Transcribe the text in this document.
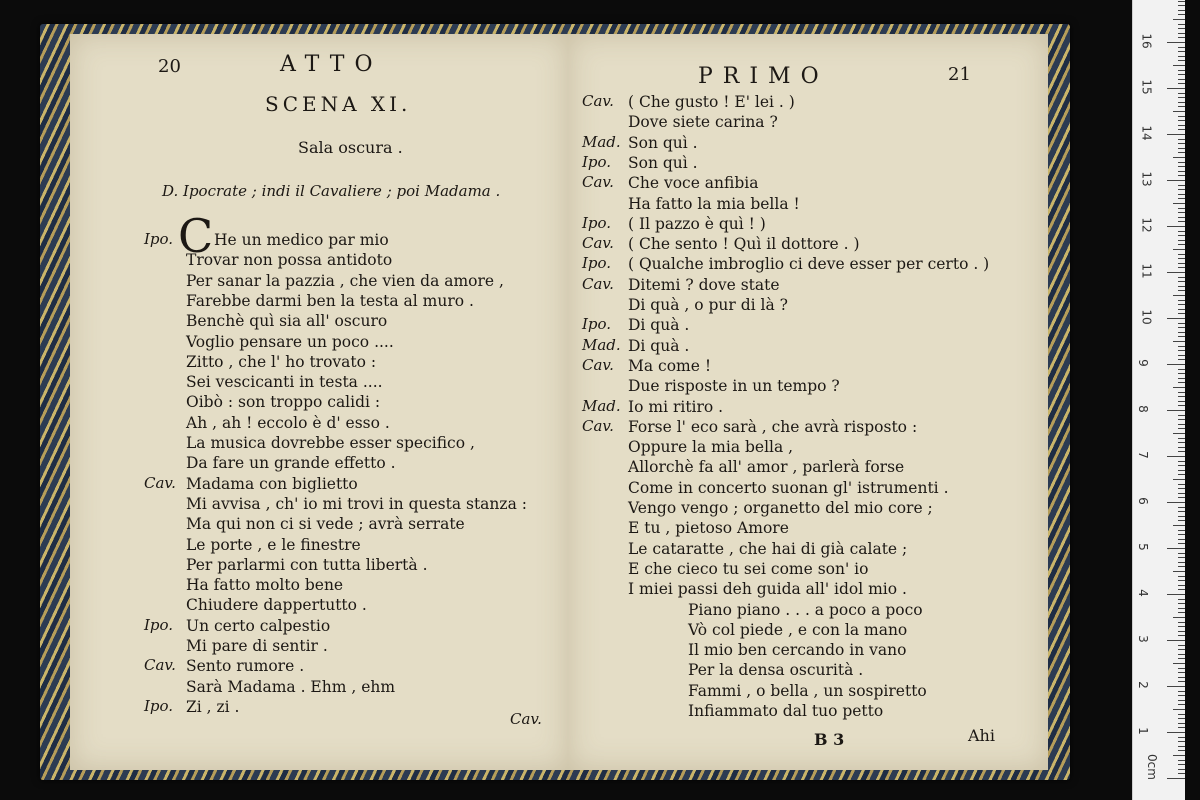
20	ATTO
SCENA XI.
Sala oscura .
D. Ipocrate ; indi il Cavaliere ; poi Madama .
Ipo. C He un medico par mio
Trovar non possa antidoto
Per sanar la pazzia , che vien da amore ,
Farebbe darmi ben la testa al muro .
Benchè quì sia all' oscuro
Voglio pensare un poco ....
Zitto , che l' ho trovato :
Sei vescicanti in testa ....
Oibò : son troppo calidi :
Ah , ah ! eccolo è d' esso .
La musica dovrebbe esser specifico ,
Da fare un grande effetto .
Cav. Madama con biglietto
Mi avvisa , ch' io mi trovi in questa stanza :
Ma qui non ci si vede ; avrà serrate
Le porte , e le finestre
Per parlarmi con tutta libertà .
Ha fatto molto bene
Chiudere dappertutto .
Ipo. Un certo calpestio
Mi pare di sentir .
Cav. Sento rumore .
Sarà Madama . Ehm , ehm
Ipo. Zi , zi .
Cav.
PRIMO	21
Cav. ( Che gusto ! E' lei . )
Dove siete carina ?
Mad. Son quì .
Ipo. Son quì .
Cav. Che voce anfibia
Ha fatto la mia bella !
Ipo. ( Il pazzo è quì ! )
Cav. ( Che sento ! Quì il dottore . )
Ipo. ( Qualche imbroglio ci deve esser per certo . )
Cav. Ditemi ? dove state
Di quà , o pur di là ?
Ipo. Di quà .
Mad. Di quà .
Cav. Ma come !
Due risposte in un tempo ?
Mad. Io mi ritiro .
Cav. Forse l' eco sarà , che avrà risposto :
Oppure la mia bella ,
Allorchè fa all' amor , parlerà forse
Come in concerto suonan gl' istrumenti .
Vengo vengo ; organetto del mio core ;
E tu , pietoso Amore
Le cataratte , che hai di già calate ;
E che cieco tu sei come son' io
I miei passi deh guida all' idol mio .
Piano piano . . . a poco a poco
Vò col piede , e con la mano
Il mio ben cercando in vano
Per la densa oscurità .
Fammi , o bella , un sospiretto
Infiammato dal tuo petto
B 3	Ahi	1
2
3
4
5
6
7
8
9
10
11
12
13
14
15
16
0cm
